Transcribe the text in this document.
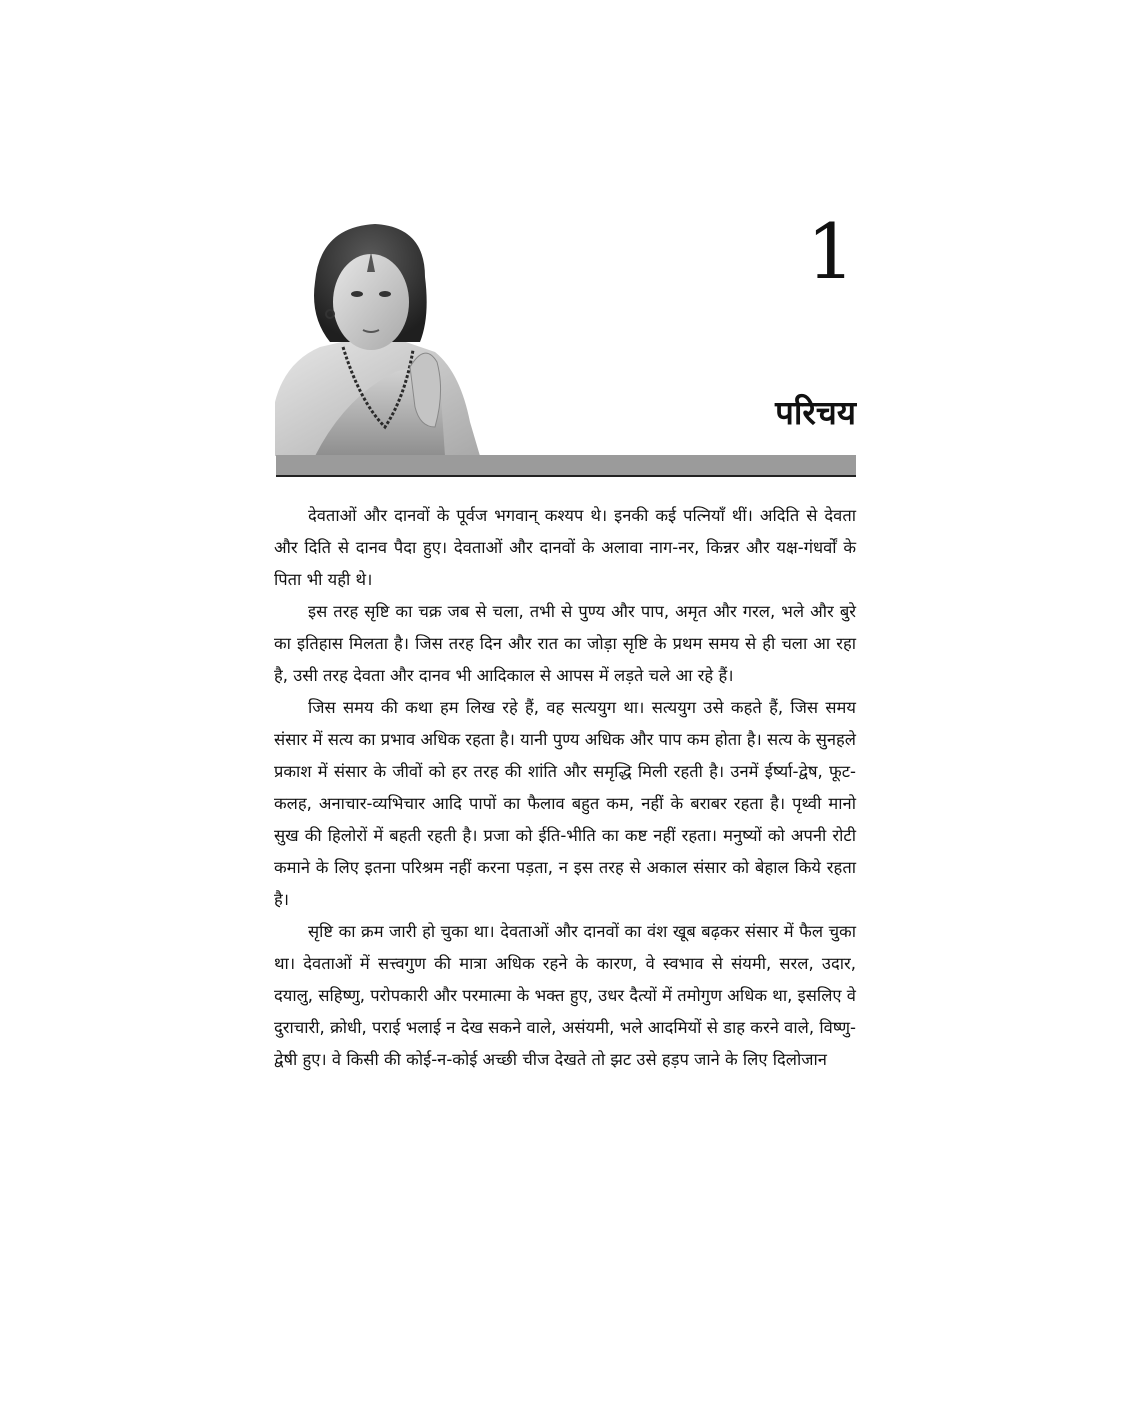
1
परिचय

देवताओं और दानवों के पूर्वज भगवान् कश्यप थे। इनकी कई पत्नियाँ थीं। अदिति से देवता और दिति से दानव पैदा हुए। देवताओं और दानवों के अलावा नाग-नर, किन्नर और यक्ष-गंधर्वों के पिता भी यही थे।

इस तरह सृष्टि का चक्र जब से चला, तभी से पुण्य और पाप, अमृत और गरल, भले और बुरे का इतिहास मिलता है। जिस तरह दिन और रात का जोड़ा सृष्टि के प्रथम समय से ही चला आ रहा है, उसी तरह देवता और दानव भी आदिकाल से आपस में लड़ते चले आ रहे हैं।

जिस समय की कथा हम लिख रहे हैं, वह सत्ययुग था। सत्ययुग उसे कहते हैं, जिस समय संसार में सत्य का प्रभाव अधिक रहता है। यानी पुण्य अधिक और पाप कम होता है। सत्य के सुनहले प्रकाश में संसार के जीवों को हर तरह की शांति और समृद्धि मिली रहती है। उनमें ईर्ष्या-द्वेष, फूट-कलह, अनाचार-व्यभिचार आदि पापों का फैलाव बहुत कम, नहीं के बराबर रहता है। पृथ्वी मानो सुख की हिलोरों में बहती रहती है। प्रजा को ईति-भीति का कष्ट नहीं रहता। मनुष्यों को अपनी रोटी कमाने के लिए इतना परिश्रम नहीं करना पड़ता, न इस तरह से अकाल संसार को बेहाल किये रहता है।

सृष्टि का क्रम जारी हो चुका था। देवताओं और दानवों का वंश खूब बढ़कर संसार में फैल चुका था। देवताओं में सत्त्वगुण की मात्रा अधिक रहने के कारण, वे स्वभाव से संयमी, सरल, उदार, दयालु, सहिष्णु, परोपकारी और परमात्मा के भक्त हुए, उधर दैत्यों में तमोगुण अधिक था, इसलिए वे दुराचारी, क्रोधी, पराई भलाई न देख सकने वाले, असंयमी, भले आदमियों से डाह करने वाले, विष्णु-द्वेषी हुए। वे किसी की कोई-न-कोई अच्छी चीज देखते तो झट उसे हड़प जाने के लिए दिलोजान
